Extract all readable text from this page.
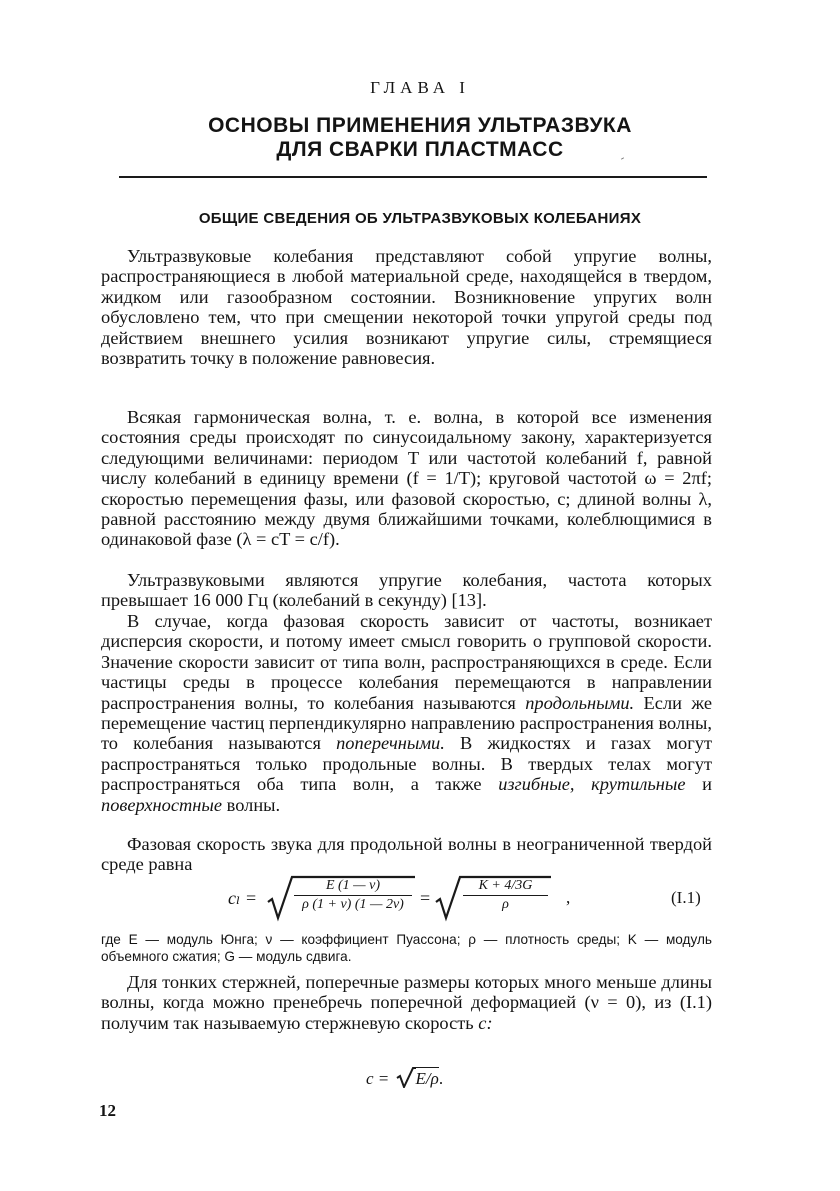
ГЛАВА I
ОСНОВЫ ПРИМЕНЕНИЯ УЛЬТРАЗВУКА
ДЛЯ СВАРКИ ПЛАСТМАСС
ОБЩИЕ СВЕДЕНИЯ ОБ УЛЬТРАЗВУКОВЫХ КОЛЕБАНИЯХ

Ультразвуковые колебания представляют собой упругие волны, распространяющиеся в любой материальной среде, находящейся в твердом, жидком или газообразном состоянии. Возникновение упругих волн обусловлено тем, что при смещении некоторой точки упругой среды под действием внешнего усилия возникают упругие силы, стремящиеся возвратить точку в положение равновесия.

Всякая гармоническая волна, т. е. волна, в которой все изменения состояния среды происходят по синусоидальному закону, характеризуется следующими величинами: периодом T или частотой колебаний f, равной числу колебаний в единицу времени (f = 1/T); круговой частотой ω = 2πf; скоростью перемещения фазы, или фазовой скоростью, c; длиной волны λ, равной расстоянию между двумя ближайшими точками, колеблющимися в одинаковой фазе (λ = cT = c/f).

Ультразвуковыми являются упругие колебания, частота которых превышает 16 000 Гц (колебаний в секунду) [13].

В случае, когда фазовая скорость зависит от частоты, возникает дисперсия скорости, и потому имеет смысл говорить о групповой скорости. Значение скорости зависит от типа волн, распространяющихся в среде. Если частицы среды в процессе колебания перемещаются в направлении распространения волны, то колебания называются продольными. Если же перемещение частиц перпендикулярно направлению распространения волны, то колебания называются поперечными. В жидкостях и газах могут распространяться только продольные волны. В твердых телах могут распространяться оба типа волн, а также изгибные, крутильные и поверхностные волны.

Фазовая скорость звука для продольной волны в неограниченной твердой среде равна

cₗ =	$\frac{E (1 — \nu)}{\rho (1 + \nu) (1 — 2\nu)} = \frac{K + 4/3G}{\rho}$ ,	(I.1)
где E — модуль Юнга; ν — коэффициент Пуассона; ρ — плотность среды; K — модуль объемного сжатия; G — модуль сдвига.

Для тонких стержней, поперечные размеры которых много меньше длины волны, когда можно пренебречь поперечной деформацией (ν = 0), из (I.1) получим так называемую стержневую скорость c:

c = E/ρ.
12
